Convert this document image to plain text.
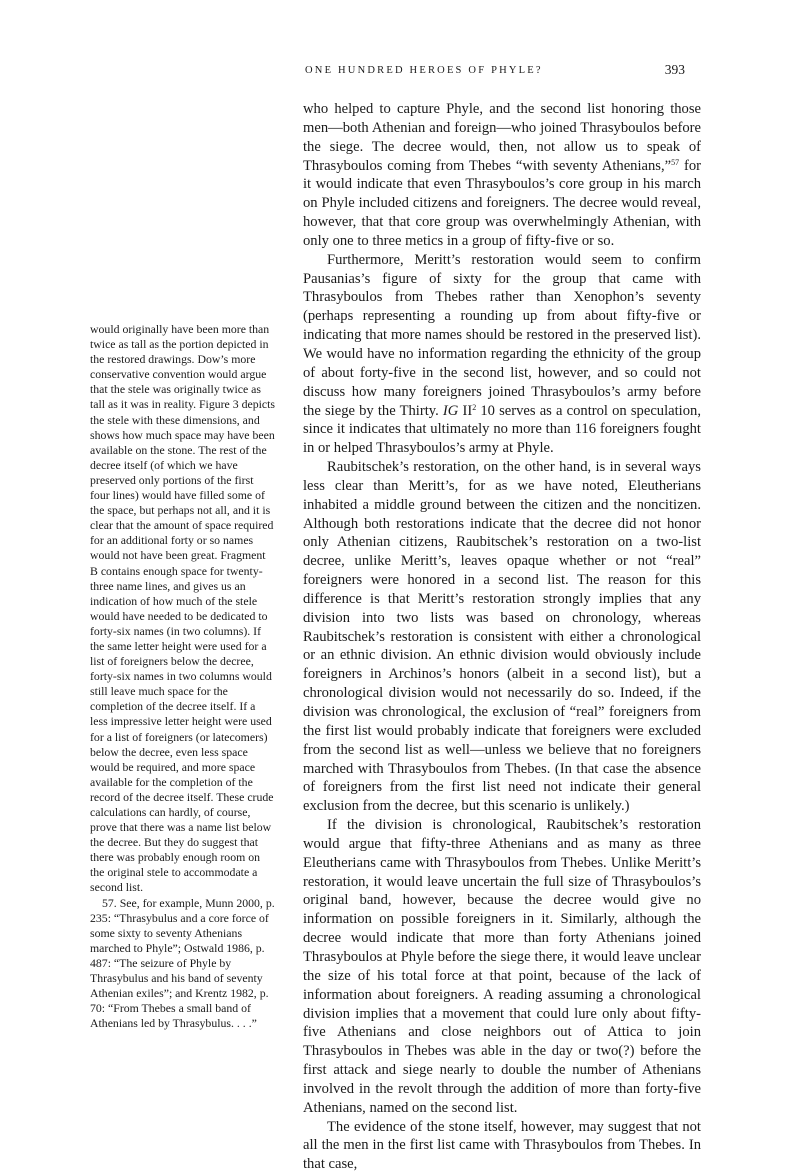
ONE HUNDRED HEROES OF PHYLE?	393

who helped to capture Phyle, and the second list honoring those men—both Athenian and foreign—who joined Thrasyboulos before the siege. The decree would, then, not allow us to speak of Thrasyboulos coming from Thebes “with seventy Athenians,”$^{57}$ for it would indicate that even Thrasyboulos’s core group in his march on Phyle included citizens and foreigners. The decree would reveal, however, that that core group was overwhelmingly Athenian, with only one to three metics in a group of fifty-five or so.

Furthermore, Meritt’s restoration would seem to confirm Pausanias’s figure of sixty for the group that came with Thrasyboulos from Thebes rather than Xenophon’s seventy (perhaps representing a rounding up from about fifty-five or indicating that more names should be restored in the preserved list). We would have no information regarding the ethnicity of the group of about forty-five in the second list, however, and so could not discuss how many foreigners joined Thrasyboulos’s army before the siege by the Thirty. IG $II^2$ 10 serves as a control on speculation, since it indicates that ultimately no more than 116 foreigners fought in or helped Thrasyboulos’s army at Phyle.

Raubitschek’s restoration, on the other hand, is in several ways less clear than Meritt’s, for as we have noted, Eleutherians inhabited a middle ground between the citizen and the noncitizen. Although both restorations indicate that the decree did not honor only Athenian citizens, Raubitschek’s restoration on a two-list decree, unlike Meritt’s, leaves opaque whether or not “real” foreigners were honored in a second list. The reason for this difference is that Meritt’s restoration strongly implies that any division into two lists was based on chronology, whereas Raubitschek’s restoration is consistent with either a chronological or an ethnic division. An ethnic division would obviously include foreigners in Archinos’s honors (albeit in a second list), but a chronological division would not necessarily do so. Indeed, if the division was chronological, the exclusion of “real” foreigners from the first list would probably indicate that foreigners were excluded from the second list as well—unless we believe that no foreigners marched with Thrasyboulos from Thebes. (In that case the absence of foreigners from the first list need not indicate their general exclusion from the decree, but this scenario is unlikely.)

If the division is chronological, Raubitschek’s restoration would argue that fifty-three Athenians and as many as three Eleutherians came with Thrasyboulos from Thebes. Unlike Meritt’s restoration, it would leave uncertain the full size of Thrasyboulos’s original band, however, because the decree would give no information on possible foreigners in it. Similarly, although the decree would indicate that more than forty Athenians joined Thrasyboulos at Phyle before the siege there, it would leave unclear the size of his total force at that point, because of the lack of information about foreigners. A reading assuming a chronological division implies that a movement that could lure only about fifty-five Athenians and close neighbors out of Attica to join Thrasyboulos in Thebes was able in the day or two(?) before the first attack and siege nearly to double the number of Athenians involved in the revolt through the addition of more than forty-five Athenians, named on the second list.

The evidence of the stone itself, however, may suggest that not all the men in the first list came with Thrasyboulos from Thebes. In that case,

would originally have been more than twice as tall as the portion depicted in the restored drawings. Dow’s more conservative convention would argue that the stele was originally twice as tall as it was in reality. Figure 3 depicts the stele with these dimensions, and shows how much space may have been available on the stone. The rest of the decree itself (of which we have preserved only portions of the first four lines) would have filled some of the space, but perhaps not all, and it is clear that the amount of space required for an additional forty or so names would not have been great. Fragment B contains enough space for twenty-three name lines, and gives us an indication of how much of the stele would have needed to be dedicated to forty-six names (in two columns). If the same letter height were used for a list of foreigners below the decree, forty-six names in two columns would still leave much space for the completion of the decree itself. If a less impressive letter height were used for a list of foreigners (or latecomers) below the decree, even less space would be required, and more space available for the completion of the record of the decree itself. These crude calculations can hardly, of course, prove that there was a name list below the decree. But they do suggest that there was probably enough room on the original stele to accommodate a second list.

57. See, for example, Munn 2000, p. 235: “Thrasybulus and a core force of some sixty to seventy Athenians marched to Phyle”; Ostwald 1986, p. 487: “The seizure of Phyle by Thrasybulus and his band of seventy Athenian exiles”; and Krentz 1982, p. 70: “From Thebes a small band of Athenians led by Thrasybulus. . . .”
